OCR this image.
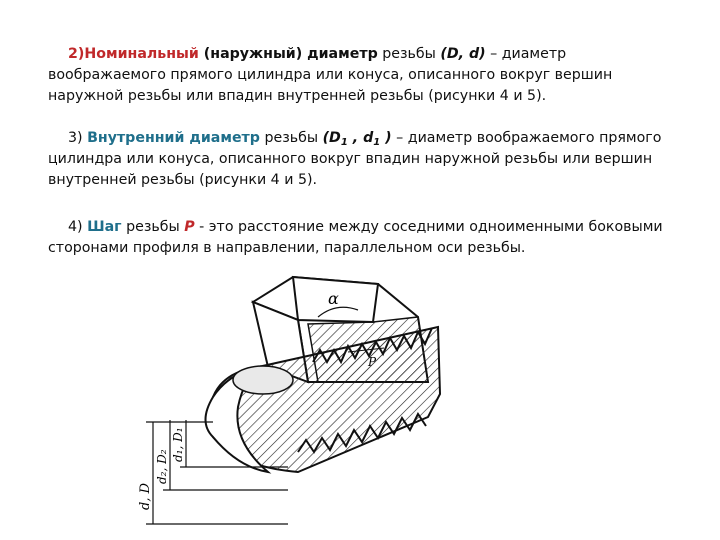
2)Номинальный (наружный) диаметр резьбы (D, d) – диаметр воображаемого прямого цилиндра или конуса, описанного вокруг вершин наружной резьбы или впадин внутренней резьбы (рисунки 4 и 5).

3) Внутренний диаметр резьбы ($D_1$ , $d_1$ ) – диаметр воображаемого прямого цилиндра или конуса, описанного вокруг впадин наружной резьбы или вершин внутренней резьбы (рисунки 4 и 5).

4) Шаг резьбы P - это расстояние между соседними одноименными боковыми сторонами профиля в направлении, параллельном оси резьбы.

α
P
d, D
d₂, D₂
d₁, D₁
